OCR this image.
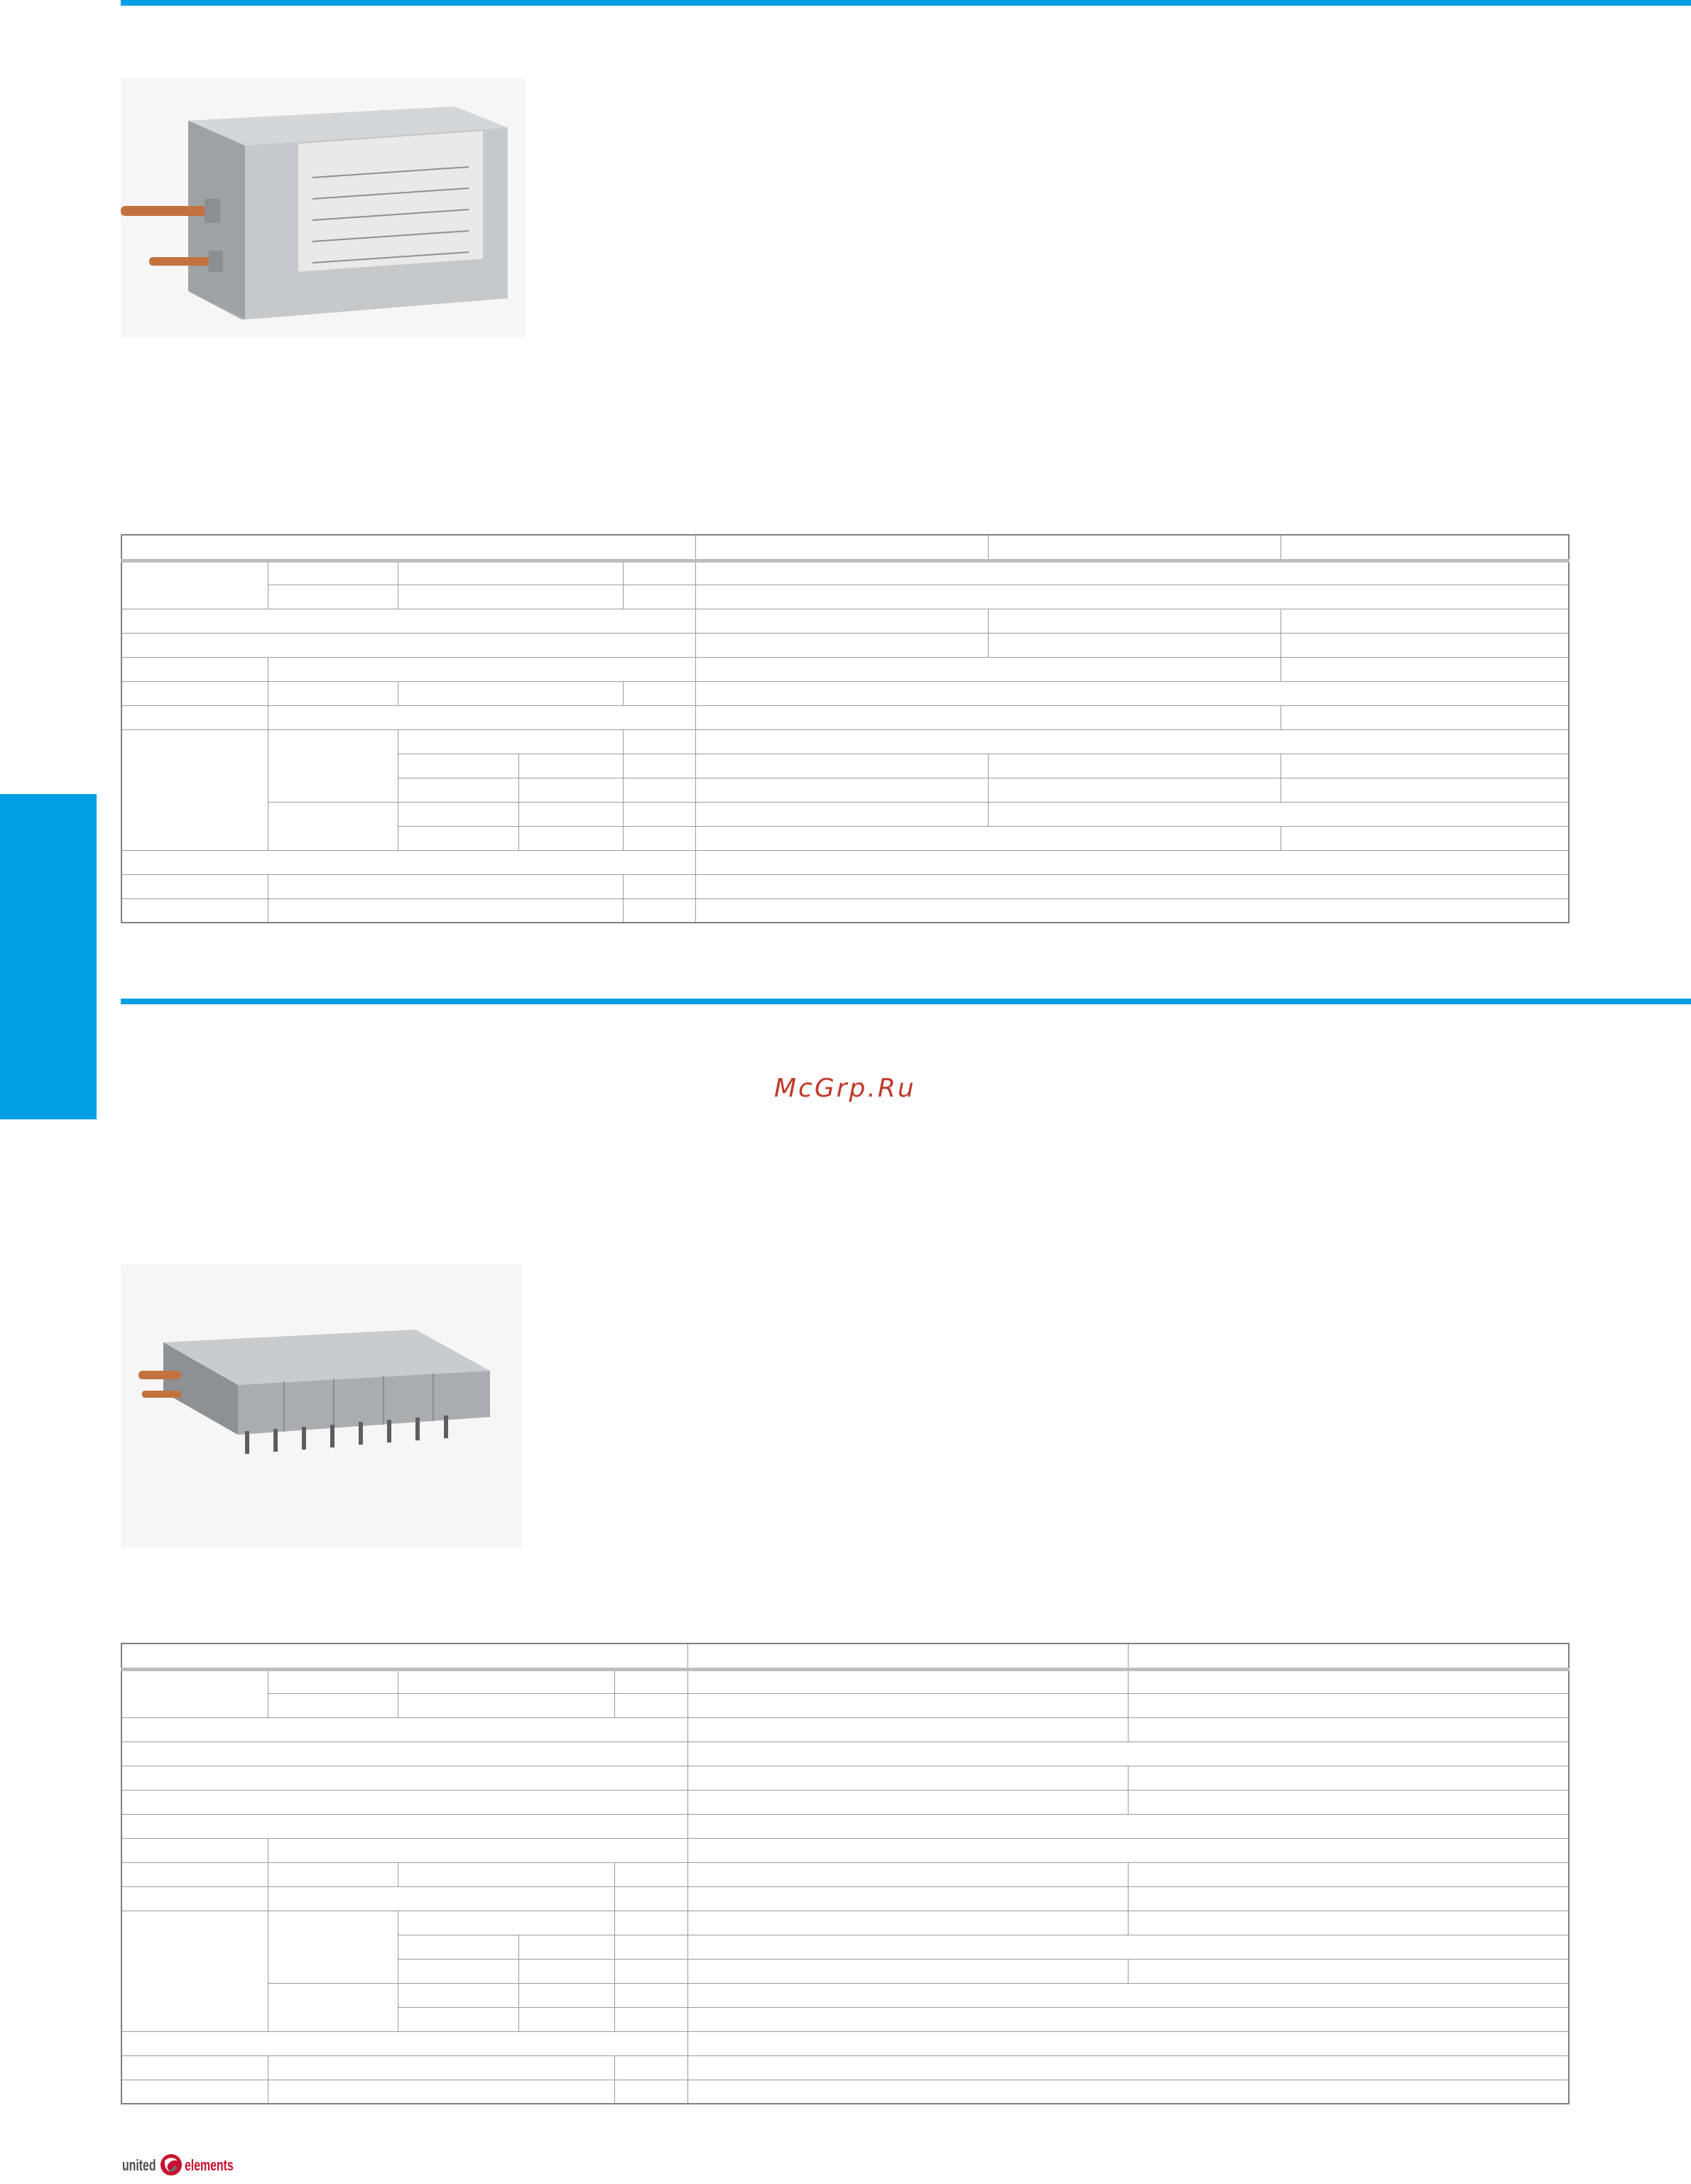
McGrp.Ru

united elements
